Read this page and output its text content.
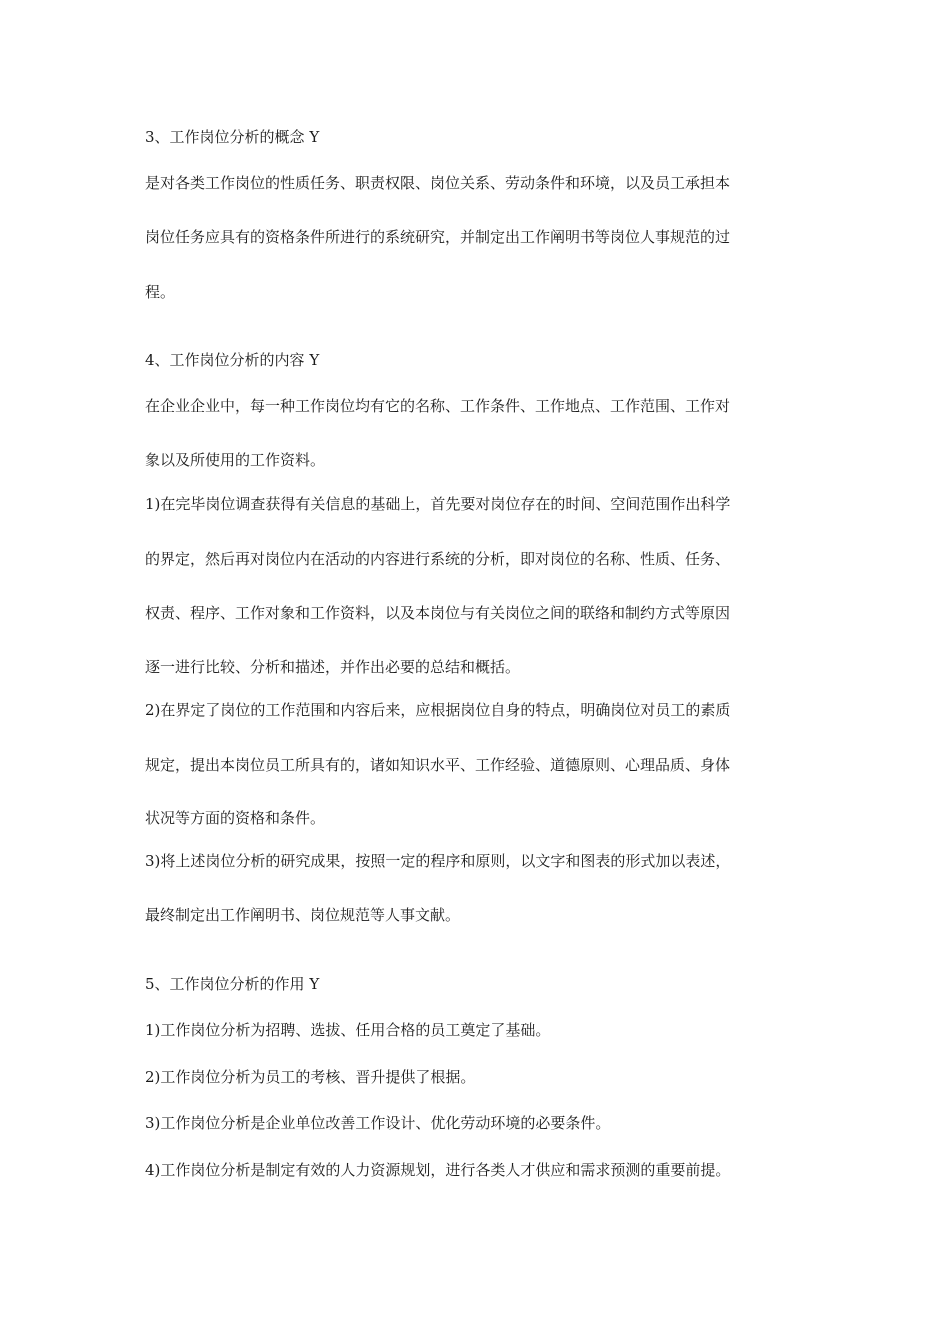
3、工作岗位分析的概念 Y
是对各类工作岗位的性质任务、职责权限、岗位关系、劳动条件和环境，以及员工承担本
岗位任务应具有的资格条件所进行的系统研究，并制定出工作阐明书等岗位人事规范的过
程。
4、工作岗位分析的内容 Y
在企业企业中，每一种工作岗位均有它的名称、工作条件、工作地点、工作范围、工作对
象以及所使用的工作资料。
1)在完毕岗位调查获得有关信息的基础上，首先要对岗位存在的时间、空间范围作出科学
的界定，然后再对岗位内在活动的内容进行系统的分析，即对岗位的名称、性质、任务、
权责、程序、工作对象和工作资料，以及本岗位与有关岗位之间的联络和制约方式等原因
逐一进行比较、分析和描述，并作出必要的总结和概括。
2)在界定了岗位的工作范围和内容后来，应根据岗位自身的特点，明确岗位对员工的素质
规定，提出本岗位员工所具有的，诸如知识水平、工作经验、道德原则、心理品质、身体
状况等方面的资格和条件。
3)将上述岗位分析的研究成果，按照一定的程序和原则，以文字和图表的形式加以表述，
最终制定出工作阐明书、岗位规范等人事文献。
5、工作岗位分析的作用 Y
1)工作岗位分析为招聘、选拔、任用合格的员工奠定了基础。
2)工作岗位分析为员工的考核、晋升提供了根据。
3)工作岗位分析是企业单位改善工作设计、优化劳动环境的必要条件。
4)工作岗位分析是制定有效的人力资源规划，进行各类人才供应和需求预测的重要前提。
